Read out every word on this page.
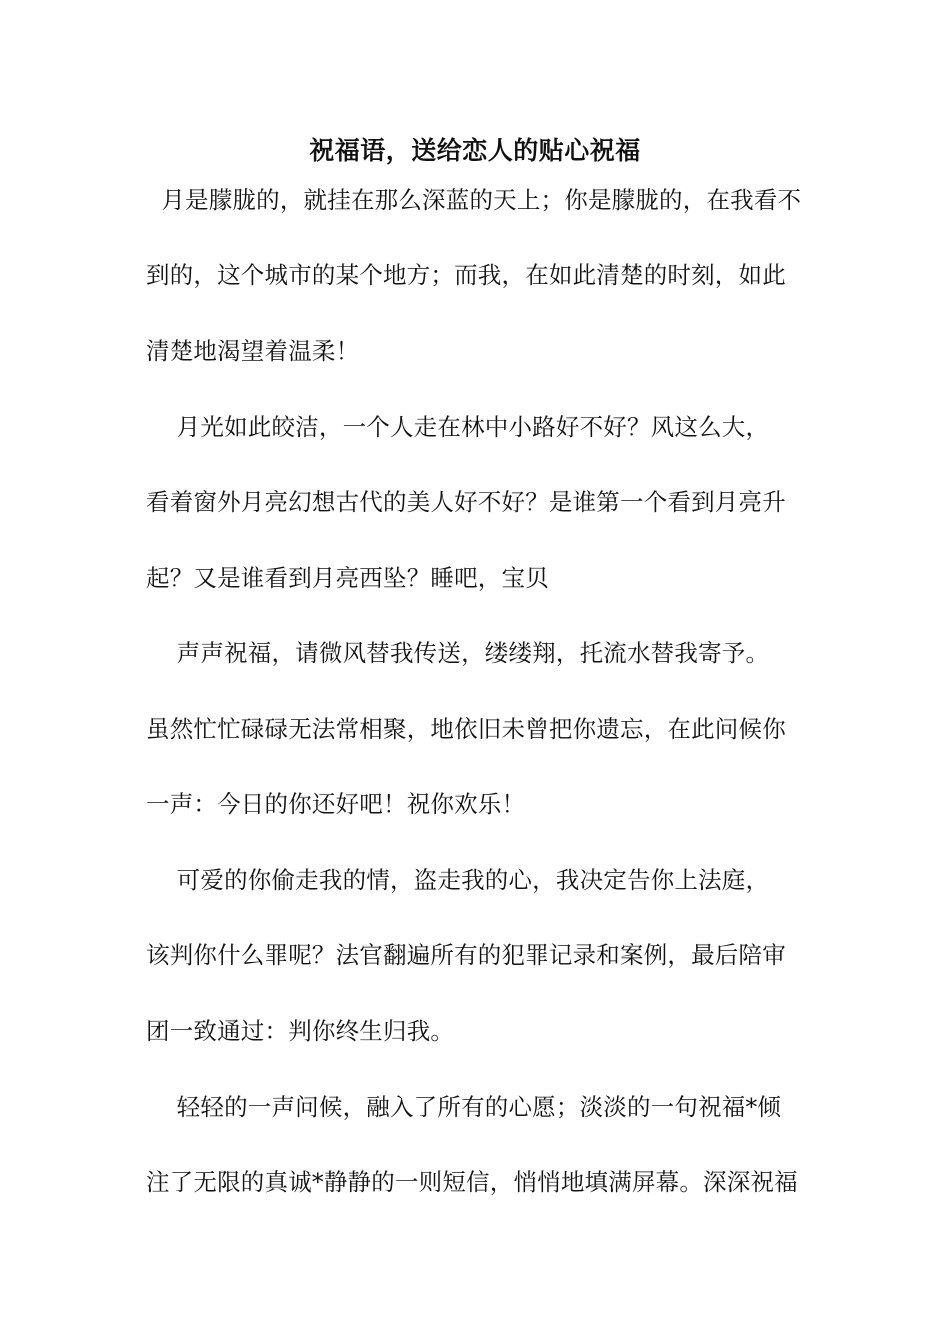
祝福语，送给恋人的贴心祝福
月是朦胧的，就挂在那么深蓝的天上；你是朦胧的，在我看不
到的，这个城市的某个地方；而我，在如此清楚的时刻，如此
清楚地渴望着温柔！
月光如此皎洁，一个人走在林中小路好不好？风这么大，
看着窗外月亮幻想古代的美人好不好？是谁第一个看到月亮升
起？又是谁看到月亮西坠？睡吧，宝贝
声声祝福，请微风替我传送，缕缕翔，托流水替我寄予。
虽然忙忙碌碌无法常相聚，地依旧未曾把你遗忘，在此问候你
一声：今日的你还好吧！祝你欢乐！
可爱的你偷走我的情，盗走我的心，我决定告你上法庭，
该判你什么罪呢？法官翻遍所有的犯罪记录和案例，最后陪审
团一致通过：判你终生归我。
轻轻的一声问候，融入了所有的心愿；淡淡的一句祝福*倾
注了无限的真诚*静静的一则短信，悄悄地填满屏幕。深深祝福
